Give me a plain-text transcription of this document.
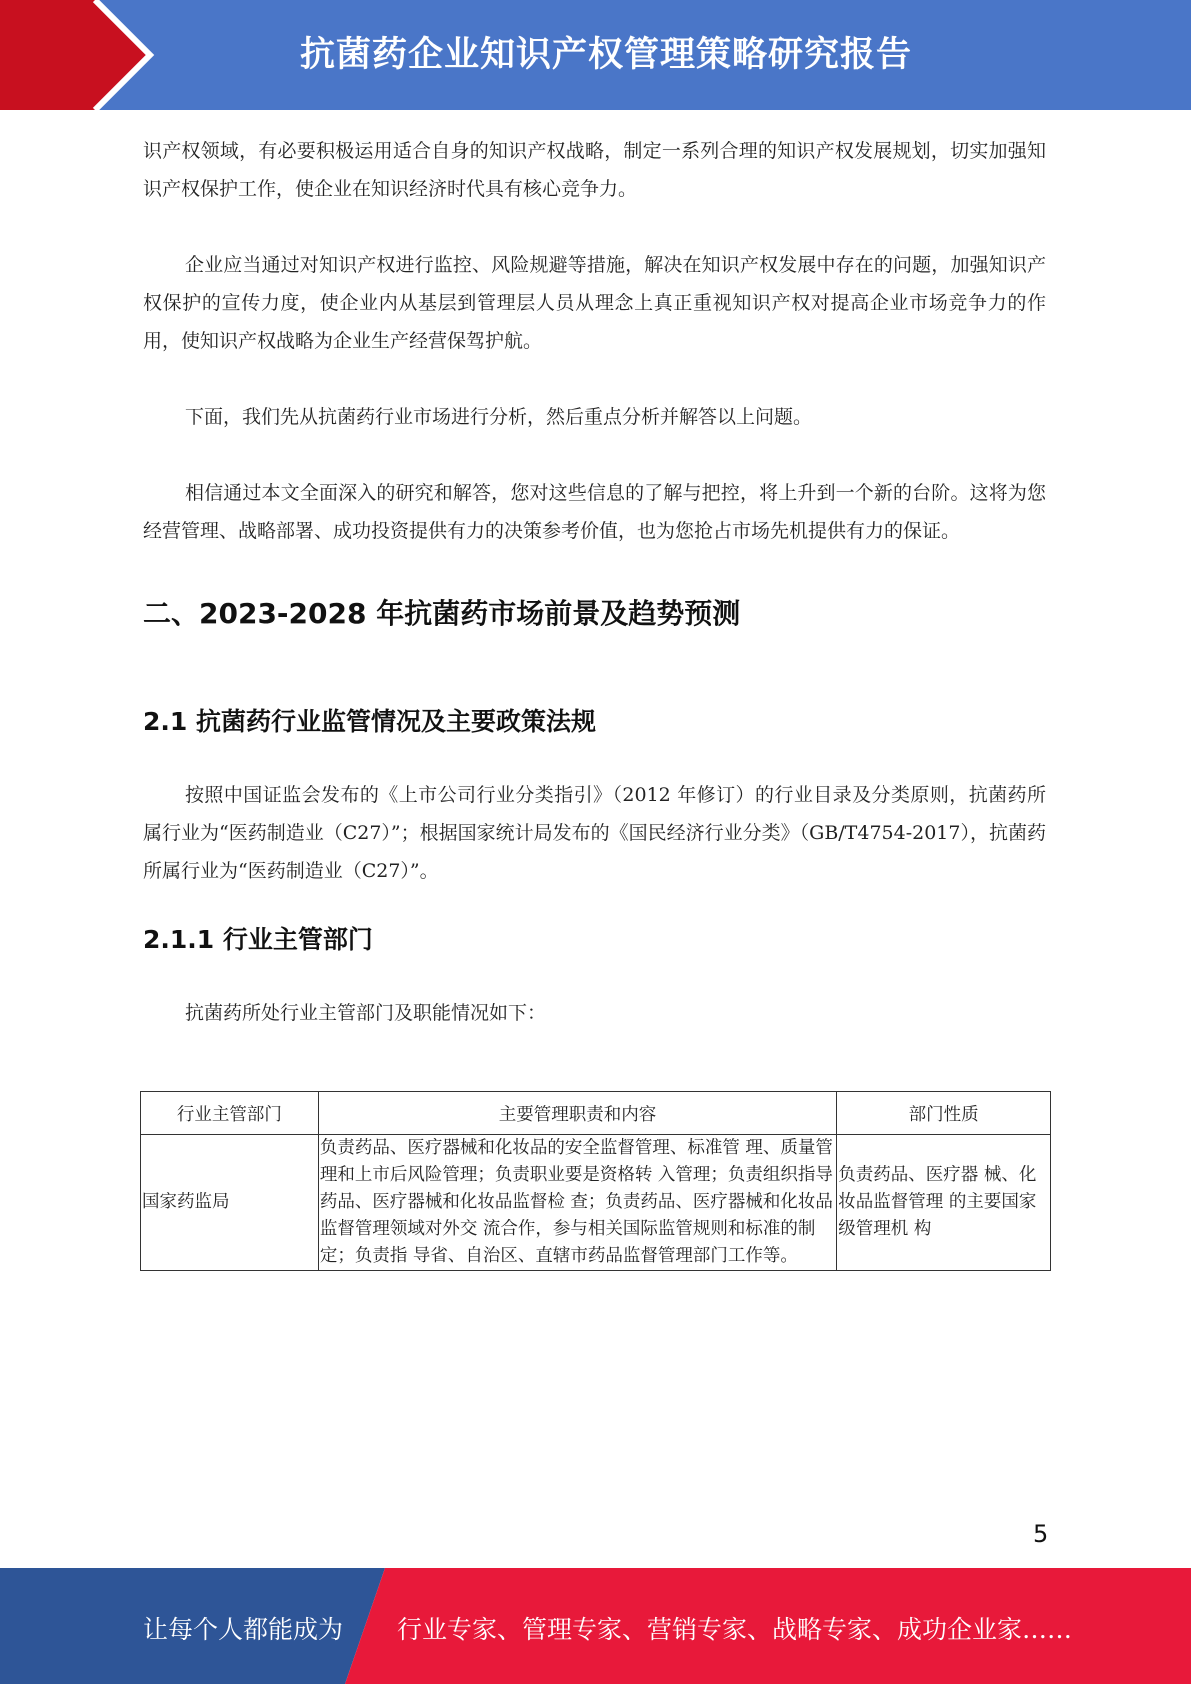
抗菌药企业知识产权管理策略研究报告

识产权领域，有必要积极运用适合自身的知识产权战略，制定一系列合理的知识产权发展规划，切实加强知识产权保护工作，使企业在知识经济时代具有核心竞争力。

企业应当通过对知识产权进行监控、风险规避等措施，解决在知识产权发展中存在的问题，加强知识产权保护的宣传力度，使企业内从基层到管理层人员从理念上真正重视知识产权对提高企业市场竞争力的作用，使知识产权战略为企业生产经营保驾护航。

下面，我们先从抗菌药行业市场进行分析，然后重点分析并解答以上问题。

相信通过本文全面深入的研究和解答，您对这些信息的了解与把控，将上升到一个新的台阶。这将为您经营管理、战略部署、成功投资提供有力的决策参考价值，也为您抢占市场先机提供有力的保证。

二、2023-2028 年抗菌药市场前景及趋势预测
2.1 抗菌药行业监管情况及主要政策法规

按照中国证监会发布的《上市公司行业分类指引》（2012 年修订）的行业目录及分类原则，抗菌药所属行业为“医药制造业（C27）”；根据国家统计局发布的《国民经济行业分类》（GB/T4754-2017），抗菌药所属行业为“医药制造业（C27）”。

2.1.1 行业主管部门

抗菌药所处行业主管部门及职能情况如下：

行业主管部门	主要管理职责和内容	部门性质
国家药监局	负责药品、医疗器械和化妆品的安全监督管理、标准管 理、质量管理和上市后风险管理；负责职业要是资格转 入管理；负责组织指导药品、医疗器械和化妆品监督检 查；负责药品、医疗器械和化妆品监督管理领域对外交 流合作，参与相关国际监管规则和标准的制定；负责指 导省、自治区、直辖市药品监督管理部门工作等。	负责药品、医疗器 械、化妆品监督管理 的主要国家级管理机 构
5
让每个人都能成为 行业专家、管理专家、营销专家、战略专家、成功企业家……
